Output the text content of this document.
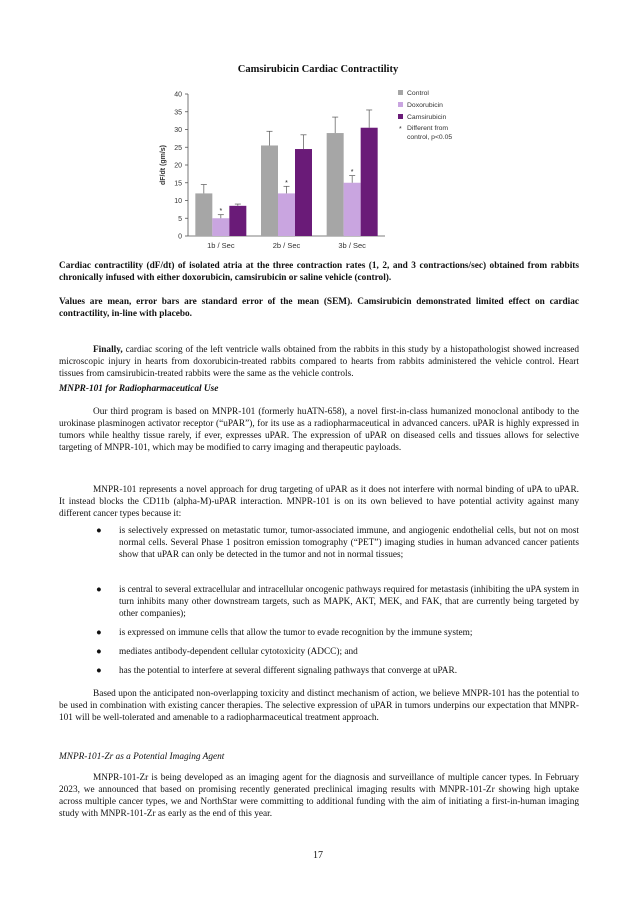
Camsirubicin Cardiac Contractility
0
5
10
15
20
25
30
35
40
dF/dt (gm/s)
1b / Sec	2b / Sec	3b / Sec
*
*
*
Control
Doxorubicin
Camsirubicin
* Different from
control, p<0.05
Cardiac contractility (dF/dt) of isolated atria at the three contraction rates (1, 2, and 3 contractions/sec) obtained from rabbits chronically infused with either doxorubicin, camsirubicin or saline vehicle (control).
Values are mean, error bars are standard error of the mean (SEM). Camsirubicin demonstrated limited effect on cardiac contractility, in-line with placebo.
Finally, cardiac scoring of the left ventricle walls obtained from the rabbits in this study by a histopathologist showed increased microscopic injury in hearts from doxorubicin-treated rabbits compared to hearts from rabbits administered the vehicle control. Heart tissues from camsirubicin-treated rabbits were the same as the vehicle controls.
MNPR-101 for Radiopharmaceutical Use
Our third program is based on MNPR-101 (formerly huATN-658), a novel first-in-class humanized monoclonal antibody to the urokinase plasminogen activator receptor (“uPAR”), for its use as a radiopharmaceutical in advanced cancers. uPAR is highly expressed in tumors while healthy tissue rarely, if ever, expresses uPAR. The expression of uPAR on diseased cells and tissues allows for selective targeting of MNPR-101, which may be modified to carry imaging and therapeutic payloads.
MNPR-101 represents a novel approach for drug targeting of uPAR as it does not interfere with normal binding of uPA to uPAR. It instead blocks the CD11b (alpha-M)-uPAR interaction. MNPR-101 is on its own believed to have potential activity against many different cancer types because it:
● is selectively expressed on metastatic tumor, tumor-associated immune, and angiogenic endothelial cells, but not on most normal cells. Several Phase 1 positron emission tomography (“PET”) imaging studies in human advanced cancer patients show that uPAR can only be detected in the tumor and not in normal tissues;
● is central to several extracellular and intracellular oncogenic pathways required for metastasis (inhibiting the uPA system in turn inhibits many other downstream targets, such as MAPK, AKT, MEK, and FAK, that are currently being targeted by other companies);
● is expressed on immune cells that allow the tumor to evade recognition by the immune system;
● mediates antibody-dependent cellular cytotoxicity (ADCC); and
● has the potential to interfere at several different signaling pathways that converge at uPAR.
Based upon the anticipated non-overlapping toxicity and distinct mechanism of action, we believe MNPR-101 has the potential to be used in combination with existing cancer therapies. The selective expression of uPAR in tumors underpins our expectation that MNPR-101 will be well-tolerated and amenable to a radiopharmaceutical treatment approach.
MNPR-101-Zr as a Potential Imaging Agent
MNPR-101-Zr is being developed as an imaging agent for the diagnosis and surveillance of multiple cancer types. In February 2023, we announced that based on promising recently generated preclinical imaging results with MNPR-101-Zr showing high uptake across multiple cancer types, we and NorthStar were committing to additional funding with the aim of initiating a first-in-human imaging study with MNPR-101-Zr as early as the end of this year.
17
